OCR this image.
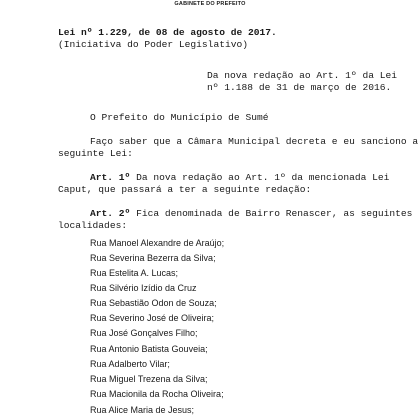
GABINETE DO PREFEITO

Lei nº 1.229, de 08 de agosto de 2017.

(Iniciativa do Poder Legislativo)

Da nova redação ao Art. 1º da Lei

nº 1.188 de 31 de março de 2016.

O Prefeito do Município de Sumé

Faço saber que a Câmara Municipal decreta e eu sanciono a

seguinte Lei:

Art. 1º Da nova redação ao Art. 1º da mencionada Lei

Caput, que passará a ter a seguinte redação:

Art. 2º Fica denominada de Bairro Renascer, as seguintes

localidades:

Rua Manoel Alexandre de Araújo;
Rua Severina Bezerra da Silva;
Rua Estelita A. Lucas;
Rua Silvério Izídio da Cruz
Rua Sebastião Odon de Souza;
Rua Severino José de Oliveira;
Rua José Gonçalves Filho;
Rua Antonio Batista Gouveia;
Rua Adalberto Vilar;
Rua Miguel Trezena da Silva;
Rua Macionila da Rocha Oliveira;
Rua Alice Maria de Jesus;
